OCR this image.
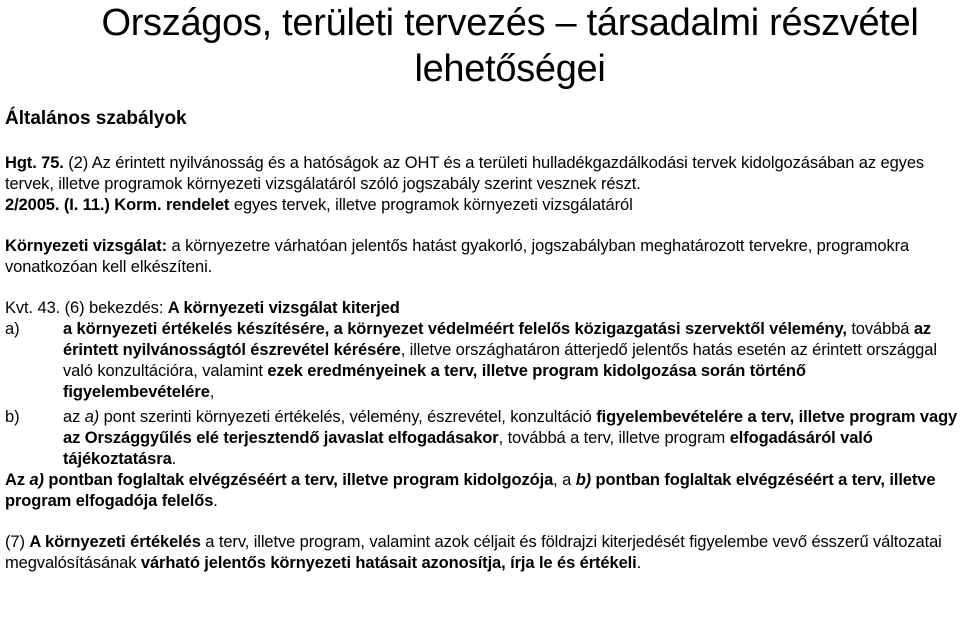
Országos, területi tervezés – társadalmi részvétel
lehetőségei
Általános szabályok

Hgt. 75. (2) Az érintett nyilvánosság és a hatóságok az OHT és a területi hulladékgazdálkodási tervek kidolgozásában az egyes tervek, illetve programok környezeti vizsgálatáról szóló jogszabály szerint vesznek részt.

2/2005. (I. 11.) Korm. rendelet egyes tervek, illetve programok környezeti vizsgálatáról

Környezeti vizsgálat: a környezetre várhatóan jelentős hatást gyakorló, jogszabályban meghatározott tervekre, programokra vonatkozóan kell elkészíteni.

Kvt. 43. (6) bekezdés: A környezeti vizsgálat kiterjed

a)	a környezeti értékelés készítésére, a környezet védelméért felelős közigazgatási szervektől vélemény, továbbá az érintett nyilvánosságtól észrevétel kérésére, illetve országhatáron átterjedő jelentős hatás esetén az érintett országgal való konzultációra, valamint ezek eredményeinek a terv, illetve program kidolgozása során történő figyelembevételére,
b)	az a) pont szerinti környezeti értékelés, vélemény, észrevétel, konzultáció figyelembevételére a terv, illetve program vagy az Országgyűlés elé terjesztendő javaslat elfogadásakor, továbbá a terv, illetve program elfogadásáról való tájékoztatásra.

Az a) pontban foglaltak elvégzéséért a terv, illetve program kidolgozója, a b) pontban foglaltak elvégzéséért a terv, illetve program elfogadója felelős.

(7) A környezeti értékelés a terv, illetve program, valamint azok céljait és földrajzi kiterjedését figyelembe vevő ésszerű változatai megvalósításának várható jelentős környezeti hatásait azonosítja, írja le és értékeli.
